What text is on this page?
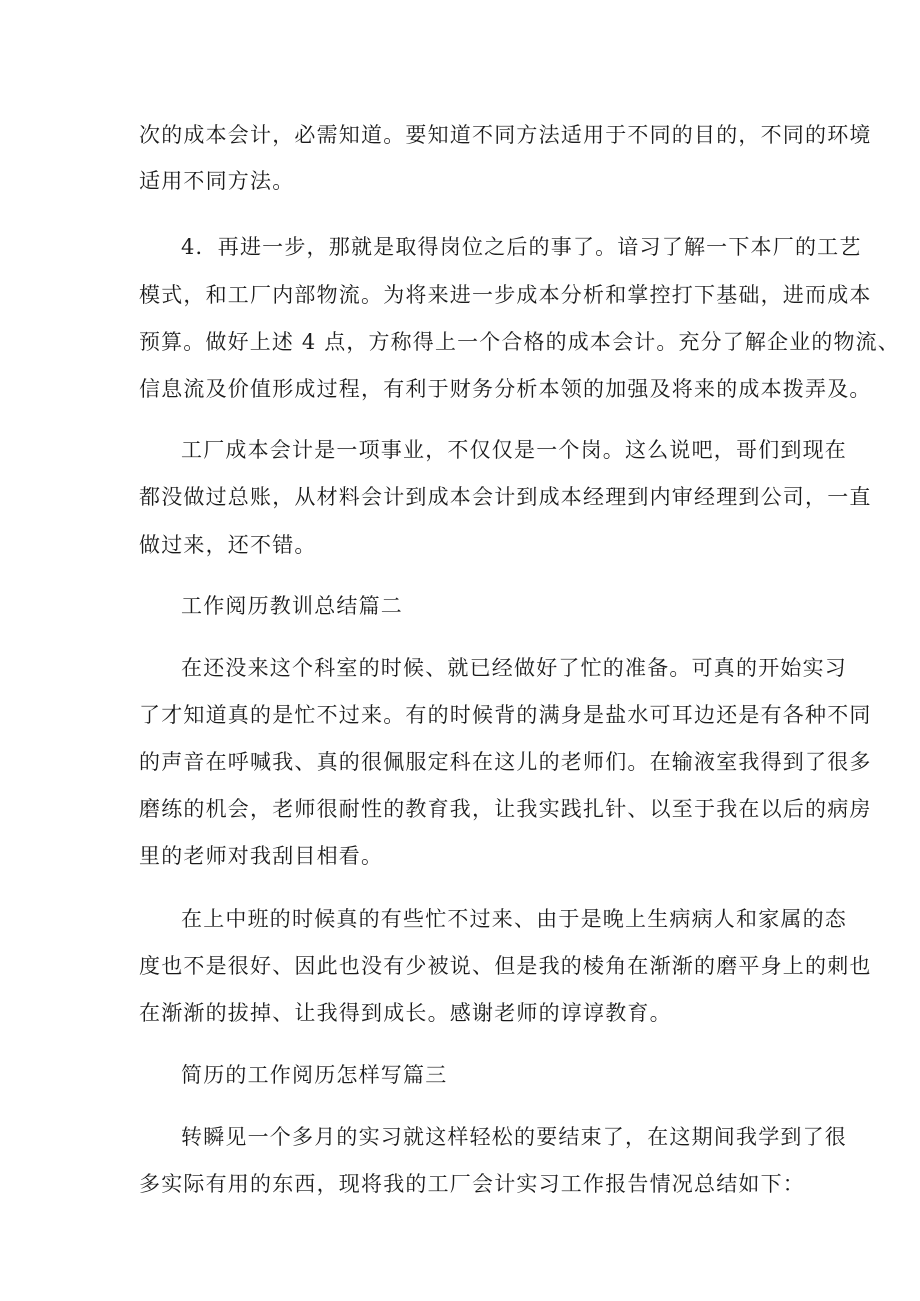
次的成本会计，必需知道。要知道不同方法适用于不同的目的，不同的环境
适用不同方法。
4．再进一步，那就是取得岗位之后的事了。谙习了解一下本厂的工艺
模式，和工厂内部物流。为将来进一步成本分析和掌控打下基础，进而成本
预算。做好上述 4 点，方称得上一个合格的成本会计。充分了解企业的物流、
信息流及价值形成过程，有利于财务分析本领的加强及将来的成本拨弄及。
工厂成本会计是一项事业，不仅仅是一个岗。这么说吧，哥们到现在
都没做过总账，从材料会计到成本会计到成本经理到内审经理到公司，一直
做过来，还不错。
工作阅历教训总结篇二
在还没来这个科室的时候、就已经做好了忙的准备。可真的开始实习
了才知道真的是忙不过来。有的时候背的满身是盐水可耳边还是有各种不同
的声音在呼喊我、真的很佩服定科在这儿的老师们。在输液室我得到了很多
磨练的机会，老师很耐性的教育我，让我实践扎针、以至于我在以后的病房
里的老师对我刮目相看。
在上中班的时候真的有些忙不过来、由于是晚上生病病人和家属的态
度也不是很好、因此也没有少被说、但是我的棱角在渐渐的磨平身上的刺也
在渐渐的拔掉、让我得到成长。感谢老师的谆谆教育。
简历的工作阅历怎样写篇三
转瞬见一个多月的实习就这样轻松的要结束了，在这期间我学到了很
多实际有用的东西，现将我的工厂会计实习工作报告情况总结如下：
